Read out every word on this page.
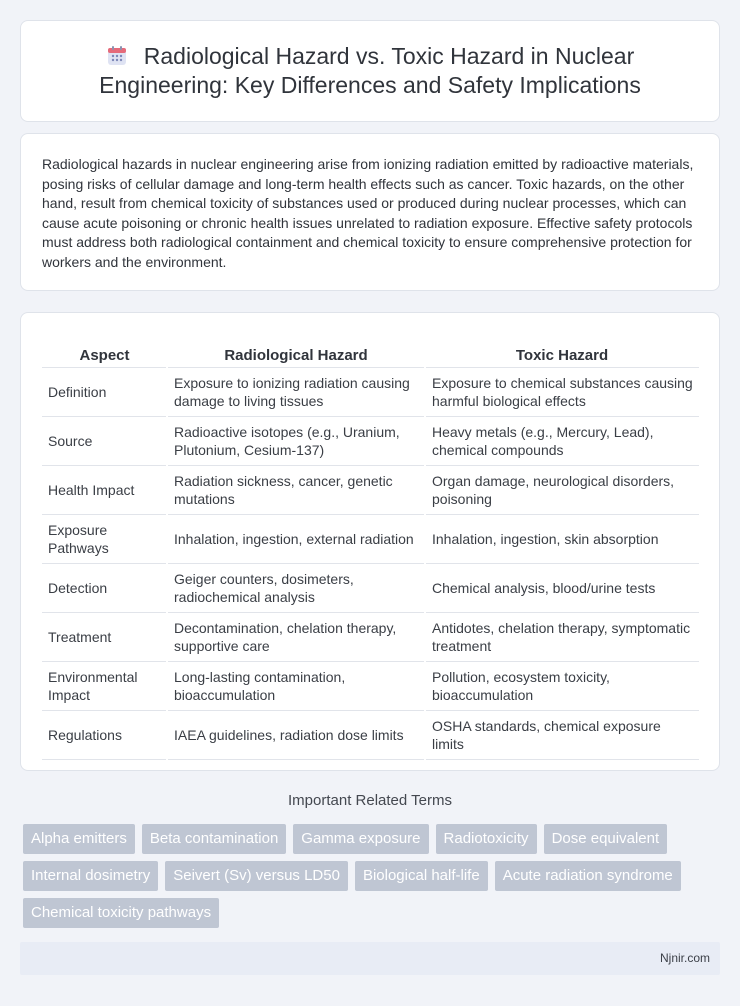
Radiological Hazard vs. Toxic Hazard in Nuclear Engineering: Key Differences and Safety Implications

Radiological hazards in nuclear engineering arise from ionizing radiation emitted by radioactive materials, posing risks of cellular damage and long-term health effects such as cancer. Toxic hazards, on the other hand, result from chemical toxicity of substances used or produced during nuclear processes, which can cause acute poisoning or chronic health issues unrelated to radiation exposure. Effective safety protocols must address both radiological containment and chemical toxicity to ensure comprehensive protection for workers and the environment.

Aspect	Radiological Hazard	Toxic Hazard
Definition	Exposure to ionizing radiation causing damage to living tissues	Exposure to chemical substances causing harmful biological effects
Source	Radioactive isotopes (e.g., Uranium, Plutonium, Cesium-137)	Heavy metals (e.g., Mercury, Lead), chemical compounds
Health Impact	Radiation sickness, cancer, genetic mutations	Organ damage, neurological disorders, poisoning
Exposure Pathways	Inhalation, ingestion, external radiation	Inhalation, ingestion, skin absorption
Detection	Geiger counters, dosimeters, radiochemical analysis	Chemical analysis, blood/urine tests
Treatment	Decontamination, chelation therapy, supportive care	Antidotes, chelation therapy, symptomatic treatment
Environmental Impact	Long-lasting contamination, bioaccumulation	Pollution, ecosystem toxicity, bioaccumulation
Regulations	IAEA guidelines, radiation dose limits	OSHA standards, chemical exposure limits
Important Related Terms
Alpha emitters	Beta contamination	Gamma exposure	Radiotoxicity	Dose equivalent
Internal dosimetry	Seivert (Sv) versus LD50	Biological half-life	Acute radiation syndrome
Chemical toxicity pathways
Njnir.com
